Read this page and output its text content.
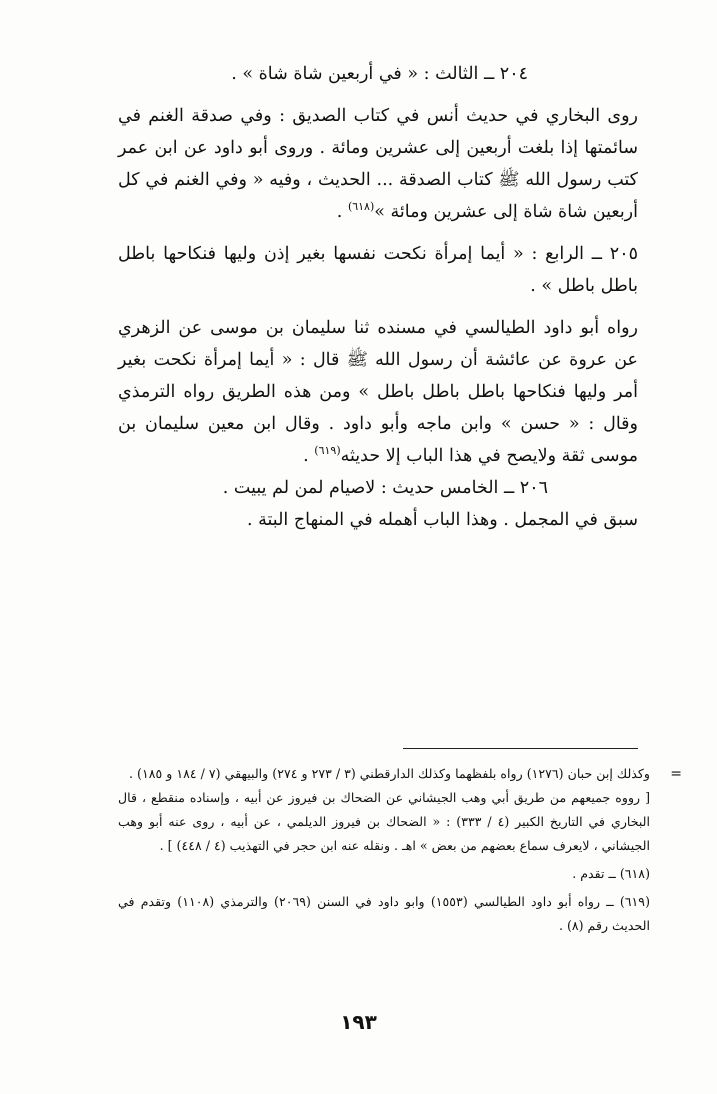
٢٠٤ ــ الثالث : « في أربعين شاة شاة » .

روى البخاري في حديث أنس في كتاب الصديق : وفي صدقة الغنم في سائمتها إذا بلغت أربعين إلى عشرين ومائة . وروى أبو داود عن ابن عمر كتب رسول الله ﷺ كتاب الصدقة ... الحديث ، وفيه « وفي الغنم في كل أربعين شاة شاة إلى عشرين ومائة »$^{(٦١٨)}$ .

٢٠٥ ــ الرابع : « أيما إمرأة نكحت نفسها بغير إذن وليها فنكاحها باطل باطل باطل » .

رواه أبو داود الطيالسي في مسنده ثنا سليمان بن موسى عن الزهري عن عروة عن عائشة أن رسول الله ﷺ قال : « أيما إمرأة نكحت بغير أمر وليها فنكاحها باطل باطل باطل » ومن هذه الطريق رواه الترمذي وقال : « حسن » وابن ماجه وأبو داود . وقال ابن معين سليمان بن موسى ثقة ولايصح في هذا الباب إلا حديثه$^{(٦١٩)}$ .

٢٠٦ ــ الخامس حديث : لاصيام لمن لم يبيت .

سبق في المجمل . وهذا الباب أهمله في المنهاج البتة .

=

وكذلك إبن حبان (١٢٧٦) رواه بلفظهما وكذلك الدارقطني (٣ / ٢٧٣ و ٢٧٤) والبيهقي (٧ / ١٨٤ و ١٨٥) .

[ رووه جميعهم من طريق أبي وهب الجيشاني عن الضحاك بن فيروز عن أبيه ، وإسناده منقطع ، قال البخاري في التاريخ الكبير (٤ / ٣٣٣) : « الضحاك بن فيروز الديلمي ، عن أبيه ، روى عنه أبو وهب الجيشاني ، لايعرف سماع بعضهم من بعض » اهـ . ونقله عنه ابن حجر في التهذيب (٤ / ٤٤٨) ] .

(٦١٨) ــ تقدم .

(٦١٩) ــ رواه أبو داود الطيالسي (١٥٥٣) وابو داود في السنن (٢٠٦٩) والترمذي (١١٠٨) وتقدم في الحديث رقم (٨) .

١٩٣
